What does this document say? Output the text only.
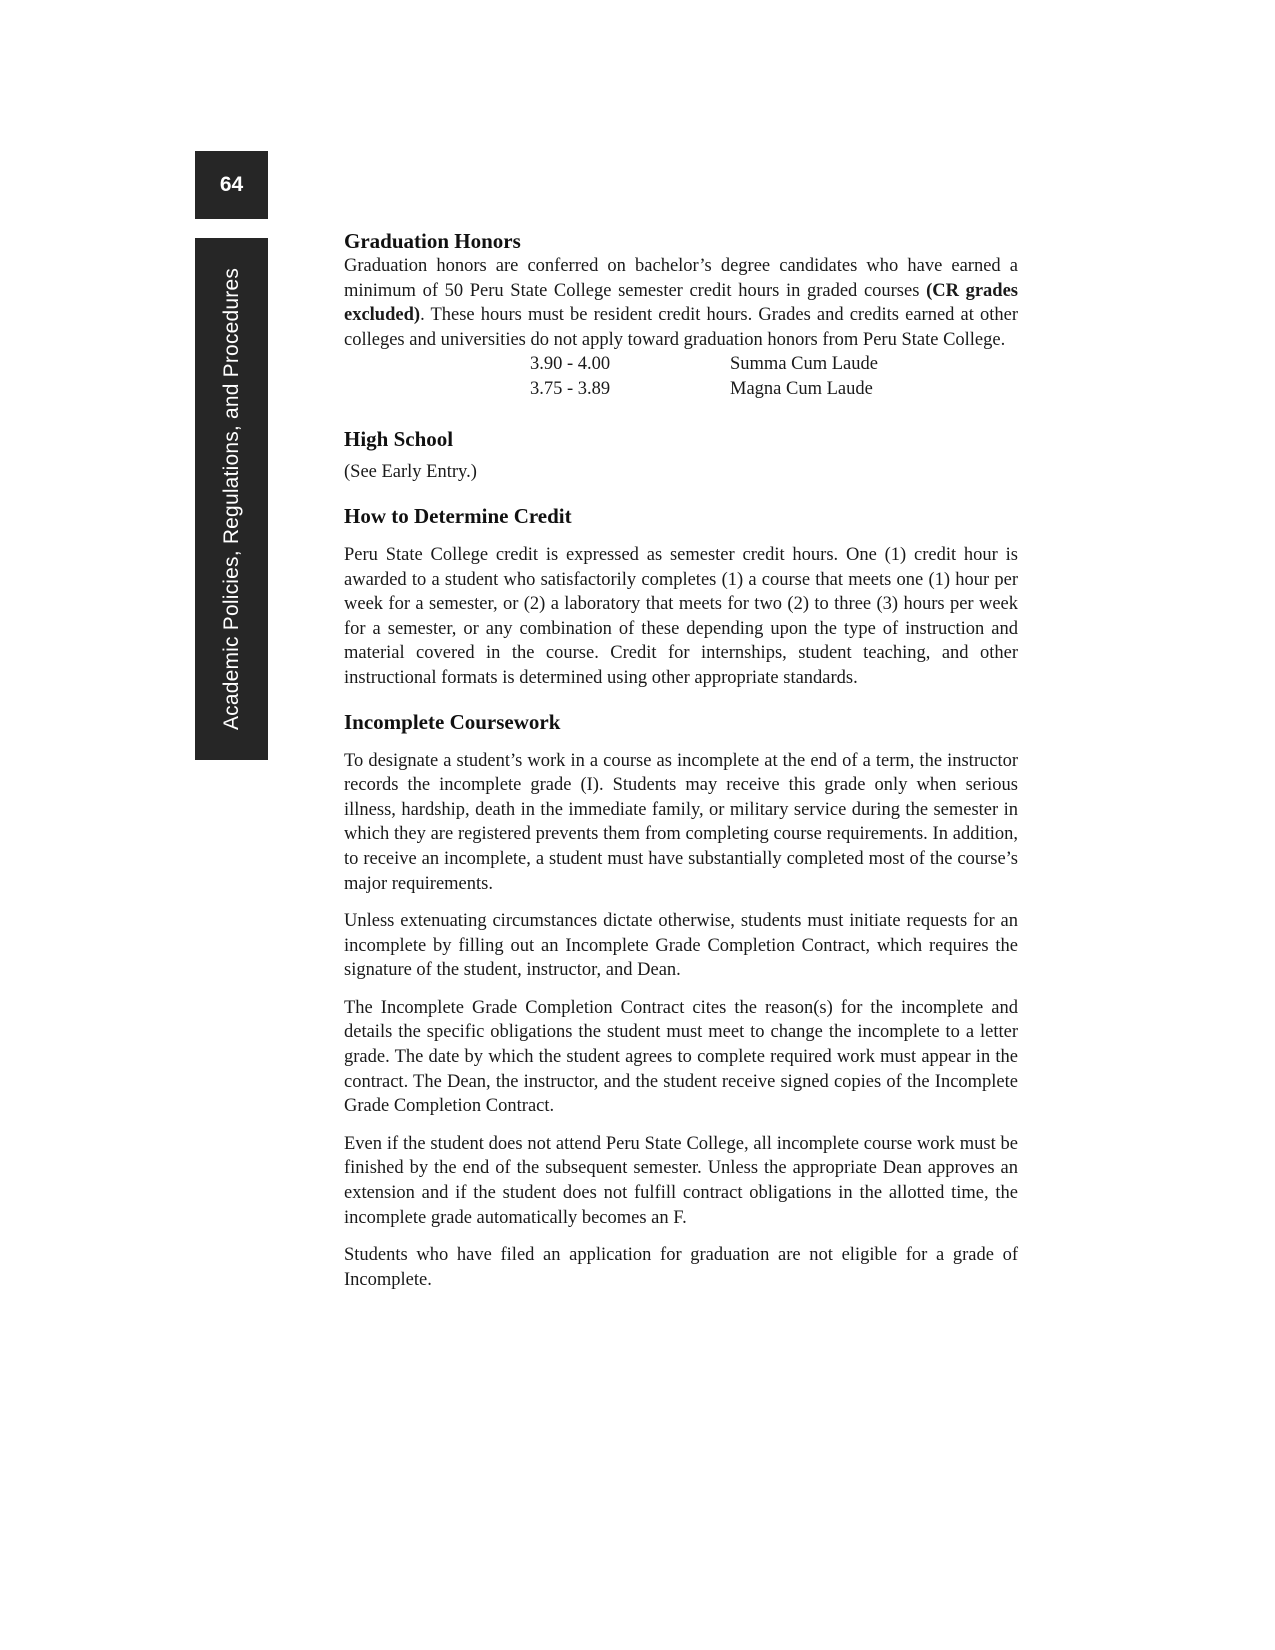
64
Academic Policies, Regulations, and Procedures
Graduation Honors

Graduation honors are conferred on bachelor’s degree candidates who have earned a minimum of 50 Peru State College semester credit hours in graded courses (CR grades excluded). These hours must be resident credit hours. Grades and credits earned at other colleges and universities do not apply toward graduation honors from Peru State College.

3.90 - 4.00	Summa Cum Laude
3.75 - 3.89	Magna Cum Laude
High School

(See Early Entry.)

How to Determine Credit

Peru State College credit is expressed as semester credit hours. One (1) credit hour is awarded to a student who satisfactorily completes (1) a course that meets one (1) hour per week for a semester, or (2) a laboratory that meets for two (2) to three (3) hours per week for a semester, or any combination of these depending upon the type of instruction and material covered in the course. Credit for internships, student teaching, and other instructional formats is determined using other appropriate standards.

Incomplete Coursework

To designate a student’s work in a course as incomplete at the end of a term, the instructor records the incomplete grade (I). Students may receive this grade only when serious illness, hardship, death in the immediate family, or military service during the semester in which they are registered prevents them from completing course requirements. In addition, to receive an incomplete, a student must have substantially completed most of the course’s major requirements.

Unless extenuating circumstances dictate otherwise, students must initiate requests for an incomplete by filling out an Incomplete Grade Completion Contract, which requires the signature of the student, instructor, and Dean.

The Incomplete Grade Completion Contract cites the reason(s) for the incomplete and details the specific obligations the student must meet to change the incomplete to a letter grade. The date by which the student agrees to complete required work must appear in the contract. The Dean, the instructor, and the student receive signed copies of the Incomplete Grade Completion Contract.

Even if the student does not attend Peru State College, all incomplete course work must be finished by the end of the subsequent semester. Unless the appropriate Dean approves an extension and if the student does not fulfill contract obligations in the allotted time, the incomplete grade automatically becomes an F.

Students who have filed an application for graduation are not eligible for a grade of Incomplete.
